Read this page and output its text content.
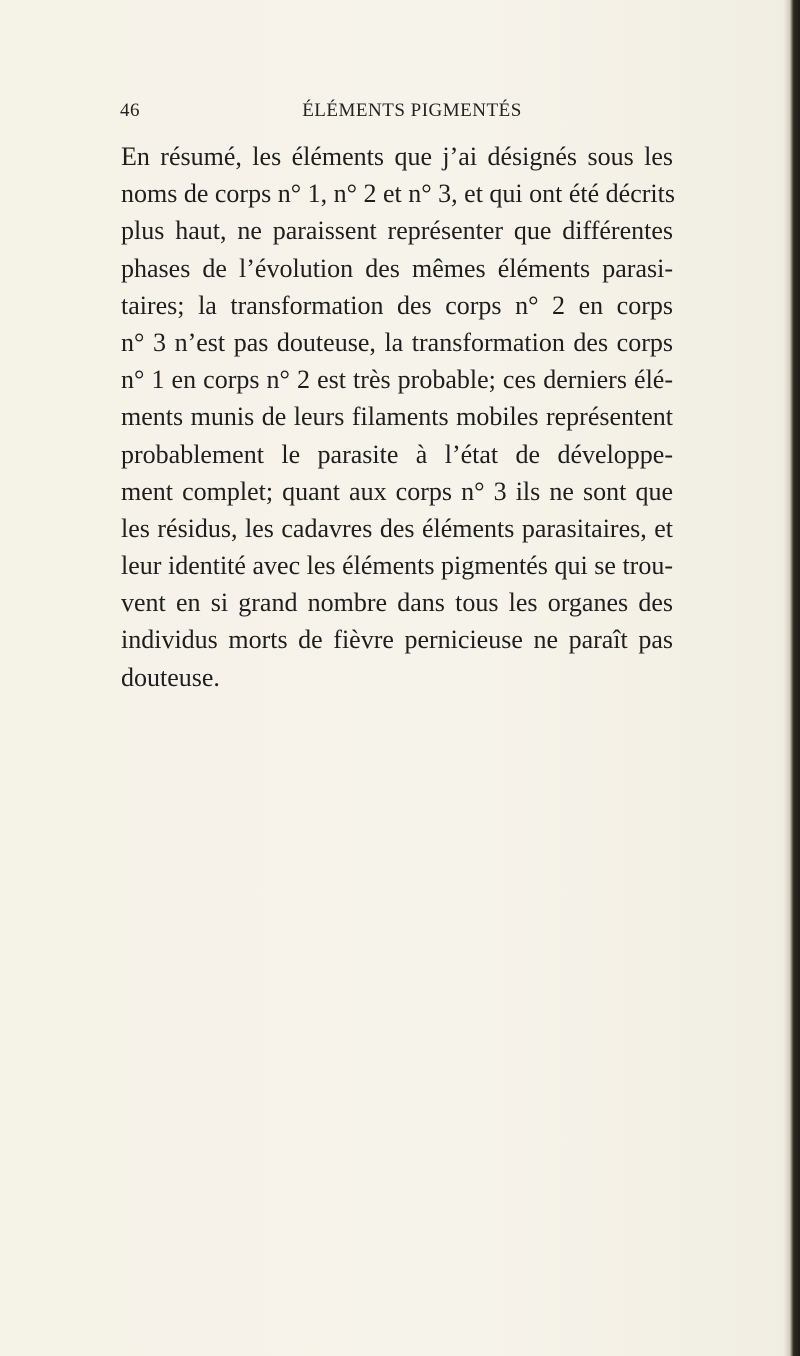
46	ÉLÉMENTS PIGMENTÉS
En résumé, les éléments que j’ai désignés sous les
noms de corps n° 1, n° 2 et n° 3, et qui ont été décrits
plus haut, ne paraissent représenter que différentes
phases de l’évolution des mêmes éléments parasi-
taires; la transformation des corps n° 2 en corps
n° 3 n’est pas douteuse, la transformation des corps
n° 1 en corps n° 2 est très probable; ces derniers élé-
ments munis de leurs filaments mobiles représentent
probablement le parasite à l’état de développe-
ment complet; quant aux corps n° 3 ils ne sont que
les résidus, les cadavres des éléments parasitaires, et
leur identité avec les éléments pigmentés qui se trou-
vent en si grand nombre dans tous les organes des
individus morts de fièvre pernicieuse ne paraît pas
douteuse.
